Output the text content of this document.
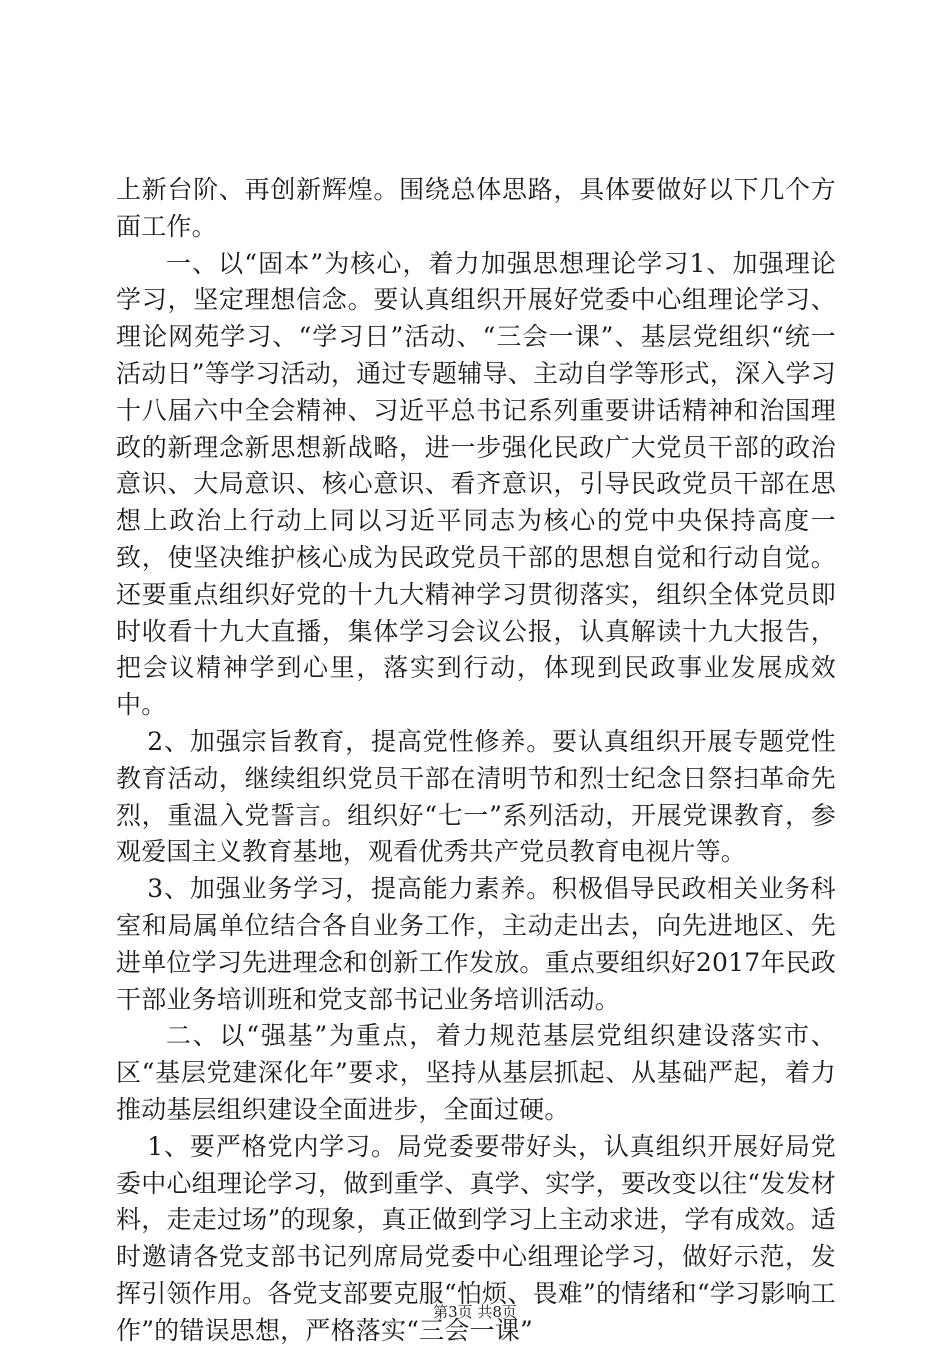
上新台阶、再创新辉煌。围绕总体思路，具体要做好以下几个方面工作。

一、以“固本”为核心，着力加强思想理论学习1、加强理论学习，坚定理想信念。要认真组织开展好党委中心组理论学习、理论网苑学习、“学习日”活动、“三会一课”、基层党组织“统一活动日”等学习活动，通过专题辅导、主动自学等形式，深入学习十八届六中全会精神、习近平总书记系列重要讲话精神和治国理政的新理念新思想新战略，进一步强化民政广大党员干部的政治意识、大局意识、核心意识、看齐意识，引导民政党员干部在思想上政治上行动上同以习近平同志为核心的党中央保持高度一致，使坚决维护核心成为民政党员干部的思想自觉和行动自觉。还要重点组织好党的十九大精神学习贯彻落实，组织全体党员即时收看十九大直播，集体学习会议公报，认真解读十九大报告，把会议精神学到心里，落实到行动，体现到民政事业发展成效中。

2、加强宗旨教育，提高党性修养。要认真组织开展专题党性教育活动，继续组织党员干部在清明节和烈士纪念日祭扫革命先烈，重温入党誓言。组织好“七一”系列活动，开展党课教育，参观爱国主义教育基地，观看优秀共产党员教育电视片等。

3、加强业务学习，提高能力素养。积极倡导民政相关业务科室和局属单位结合各自业务工作，主动走出去，向先进地区、先进单位学习先进理念和创新工作发放。重点要组织好2017年民政干部业务培训班和党支部书记业务培训活动。

二、以“强基”为重点，着力规范基层党组织建设落实市、区“基层党建深化年”要求，坚持从基层抓起、从基础严起，着力推动基层组织建设全面进步，全面过硬。

1、要严格党内学习。局党委要带好头，认真组织开展好局党委中心组理论学习，做到重学、真学、实学，要改变以往“发发材料，走走过场”的现象，真正做到学习上主动求进，学有成效。适时邀请各党支部书记列席局党委中心组理论学习，做好示范，发挥引领作用。各党支部要克服“怕烦、畏难”的情绪和“学习影响工作”的错误思想，严格落实“三会一课”

第3页 共8页
